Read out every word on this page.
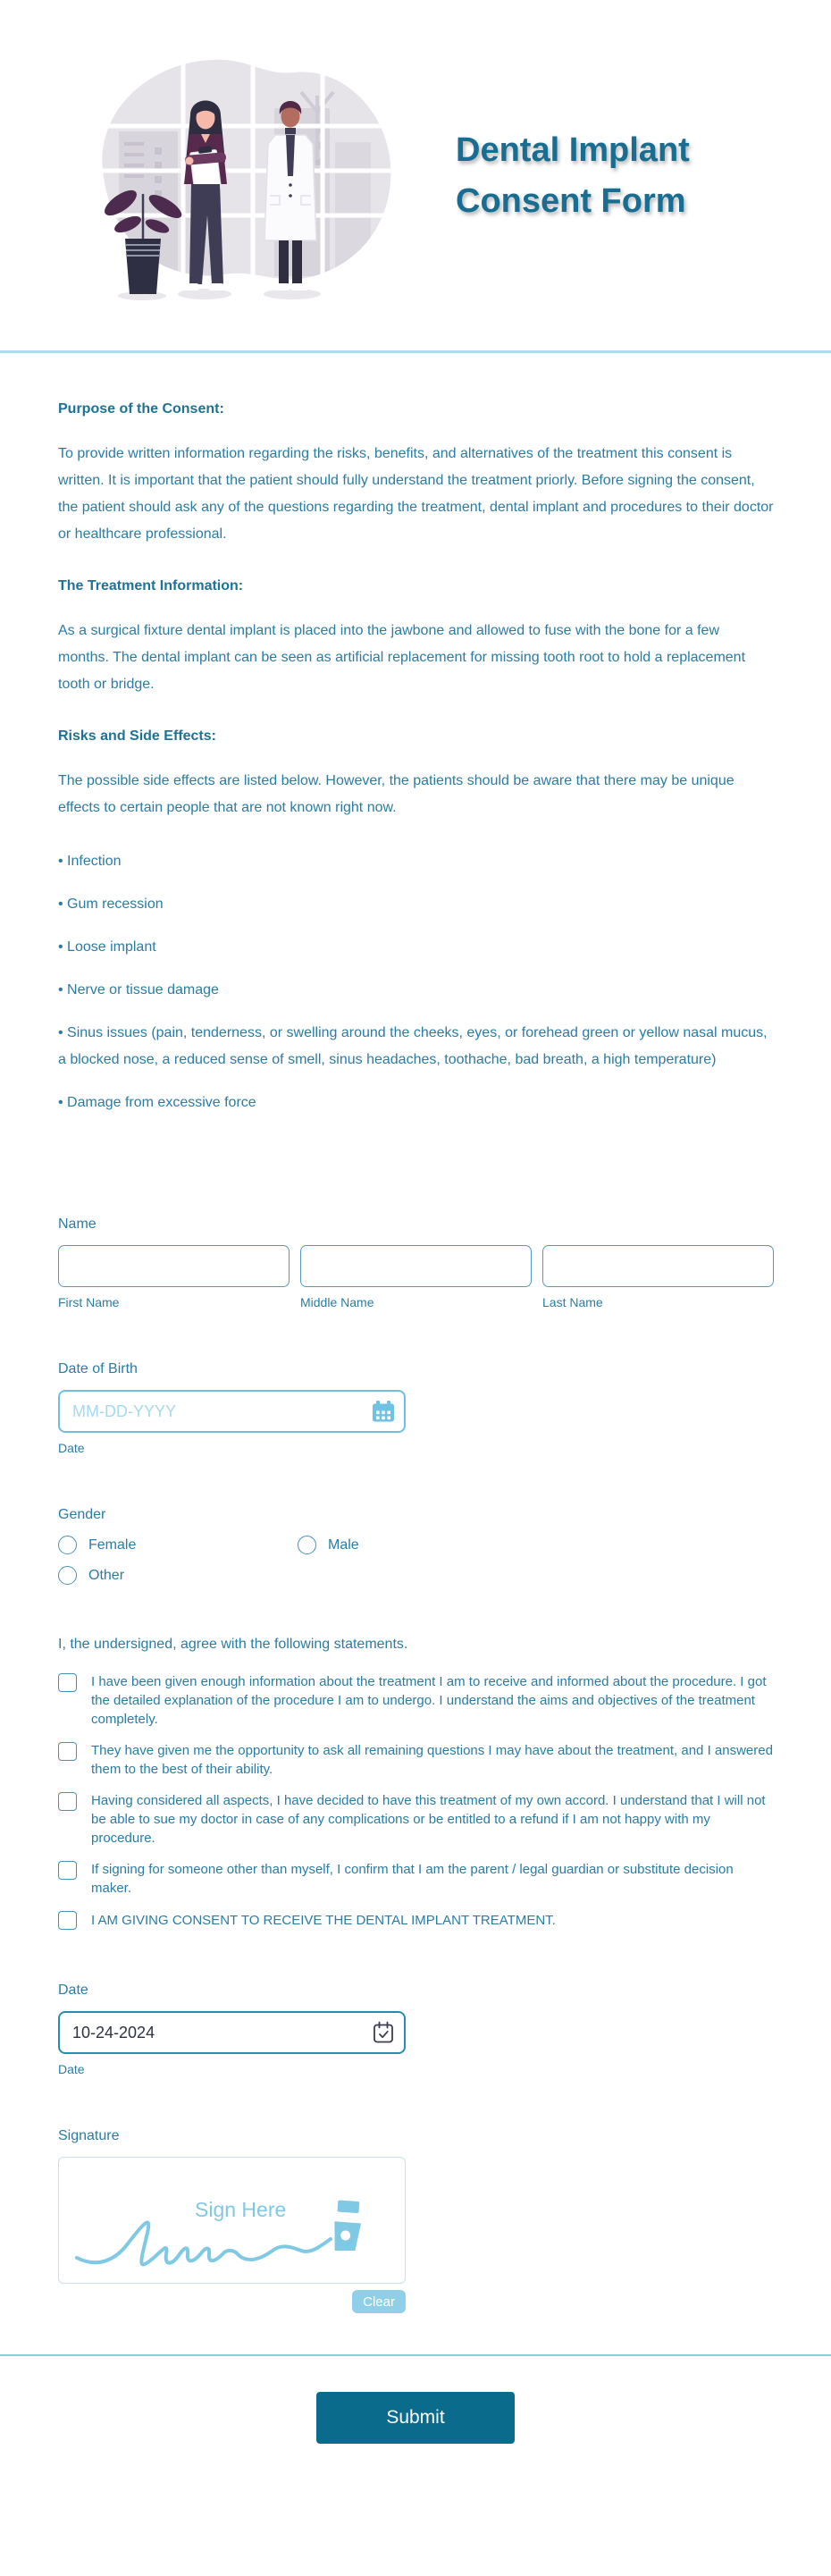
Dental Implant
Consent Form
Purpose of the Consent:

To provide written information regarding the risks, benefits, and alternatives of the treatment this consent is written. It is important that the patient should fully understand the treatment priorly. Before signing the consent, the patient should ask any of the questions regarding the treatment, dental implant and procedures to their doctor or healthcare professional.

The Treatment Information:

As a surgical fixture dental implant is placed into the jawbone and allowed to fuse with the bone for a few months. The dental implant can be seen as artificial replacement for missing tooth root to hold a replacement tooth or bridge.

Risks and Side Effects:

The possible side effects are listed below. However, the patients should be aware that there may be unique effects to certain people that are not known right now.

• Infection

• Gum recession

• Loose implant

• Nerve or tissue damage

• Sinus issues (pain, tenderness, or swelling around the cheeks, eyes, or forehead green or yellow nasal mucus, a blocked nose, a reduced sense of smell, sinus headaches, toothache, bad breath, a high temperature)

• Damage from excessive force

Name
First Name	Middle Name	Last Name
Date of Birth
MM-DD-YYYY
Date
Gender
Female	Male
Other
I, the undersigned, agree with the following statements.
I have been given enough information about the treatment I am to receive and informed about the procedure. I got the detailed explanation of the procedure I am to undergo. I understand the aims and objectives of the treatment completely.
They have given me the opportunity to ask all remaining questions I may have about the treatment, and I answered them to the best of their ability.
Having considered all aspects, I have decided to have this treatment of my own accord. I understand that I will not be able to sue my doctor in case of any complications or be entitled to a refund if I am not happy with my procedure.
If signing for someone other than myself, I confirm that I am the parent / legal guardian or substitute decision maker.
I AM GIVING CONSENT TO RECEIVE THE DENTAL IMPLANT TREATMENT.
Date
10-24-2024
Date
Signature
Sign Here
Clear
Submit
